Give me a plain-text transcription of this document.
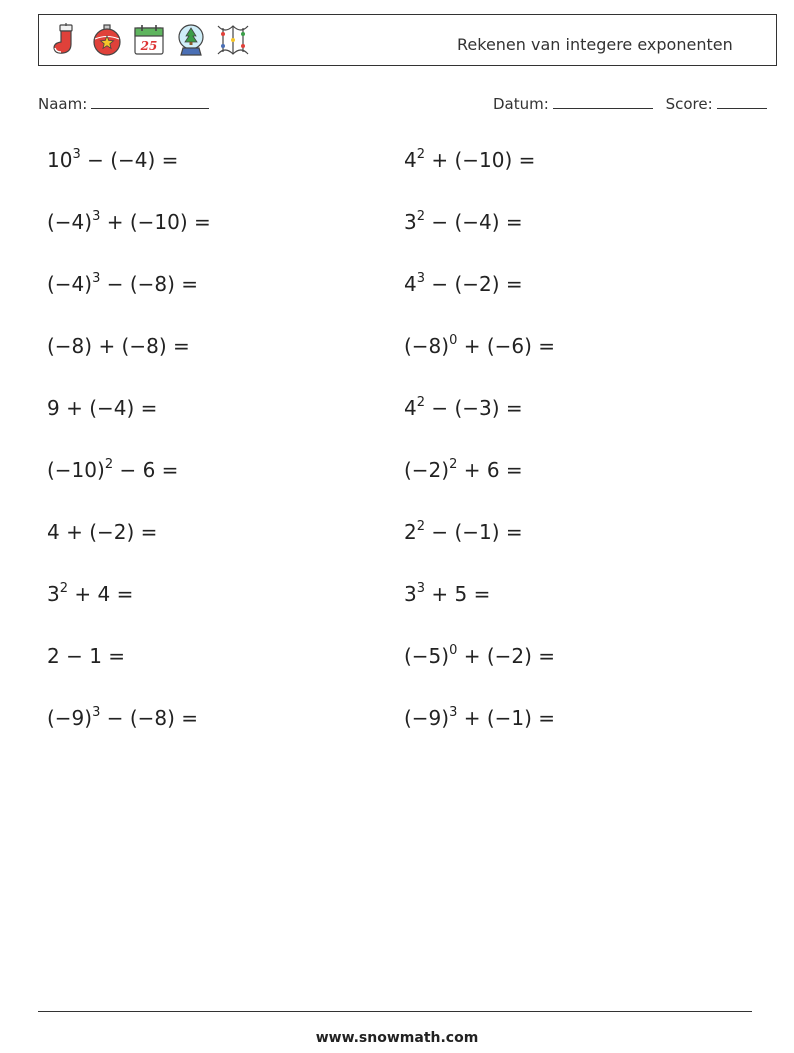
25	Rekenen van integere exponenten
Naam:	Datum:	Score:
$10^3 - (-4)$ =	$4^2 + (-10)$ =
$(-4)^3 + (-10)$ =	$3^2 - (-4)$ =
$(-4)^3 - (-8)$ =	$4^3 - (-2)$ =
(−8) + (−8) =	$(-8)^0 + (-6)$ =
9 + (−4) =	$4^2 - (-3)$ =
$(-10)^2 - 6$ =	$(-2)^2 + 6$ =
4 + (−2) =	$2^2 - (-1)$ =
$3^2 + 4$ =	$3^3 + 5$ =
2 − 1 =	$(-5)^0 + (-2)$ =
$(-9)^3 - (-8)$ =	$(-9)^3 + (-1)$ =
www.snowmath.com
